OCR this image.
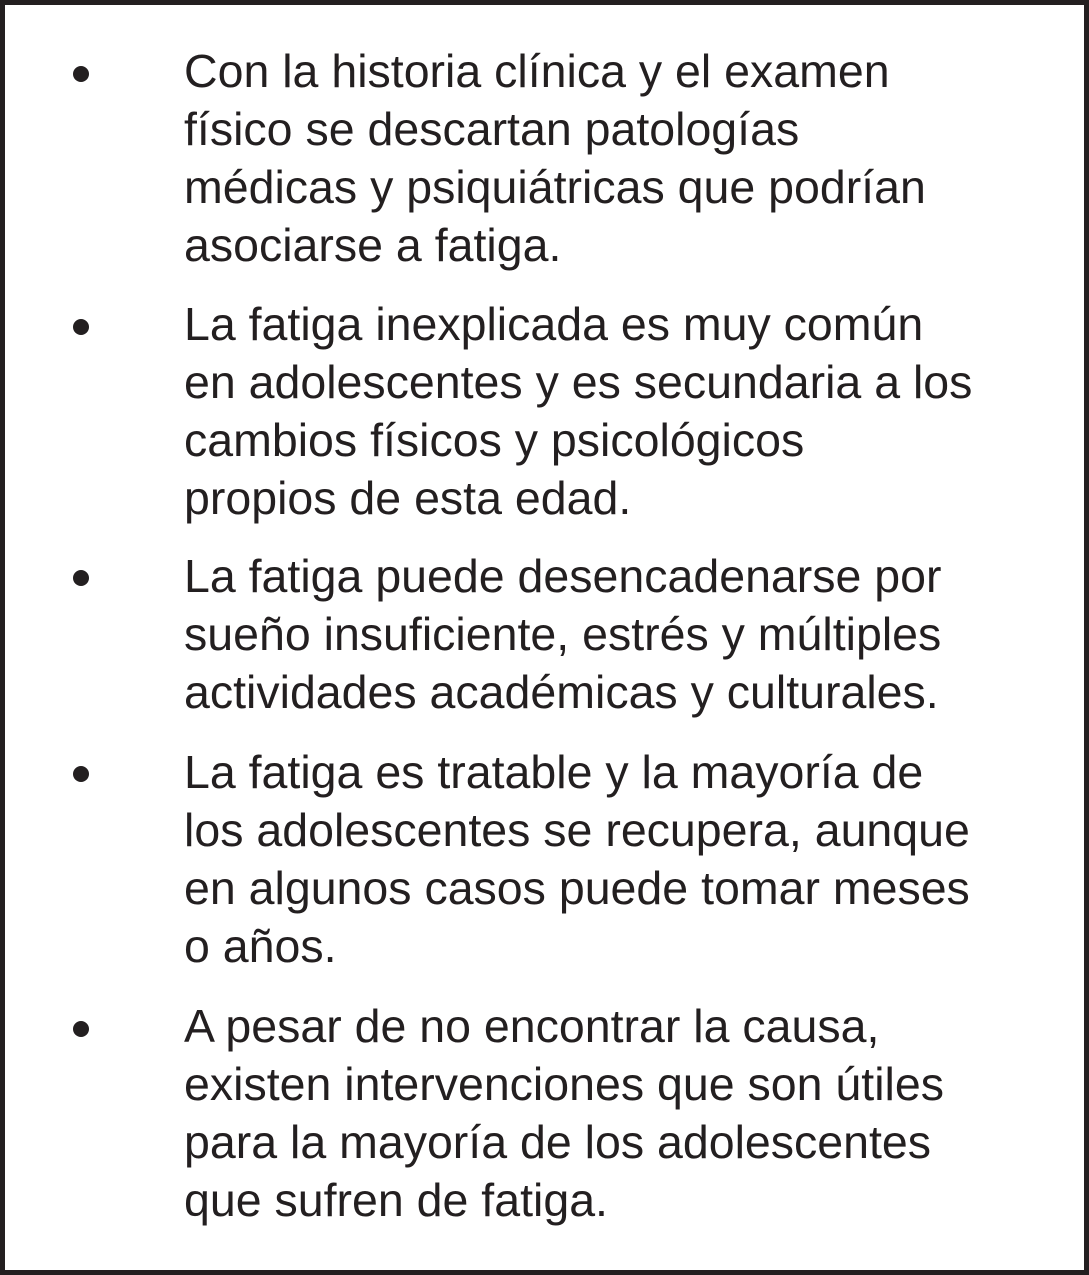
Con la historia clínica y el examen
físico se descartan patologías
médicas y psiquiátricas que podrían
asociarse a fatiga.

La fatiga inexplicada es muy común
en adolescentes y es secundaria a los
cambios físicos y psicológicos
propios de esta edad.

La fatiga puede desencadenarse por
sueño insuficiente, estrés y múltiples
actividades académicas y culturales.

La fatiga es tratable y la mayoría de
los adolescentes se recupera, aunque
en algunos casos puede tomar meses
o años.

A pesar de no encontrar la causa,
existen intervenciones que son útiles
para la mayoría de los adolescentes
que sufren de fatiga.
